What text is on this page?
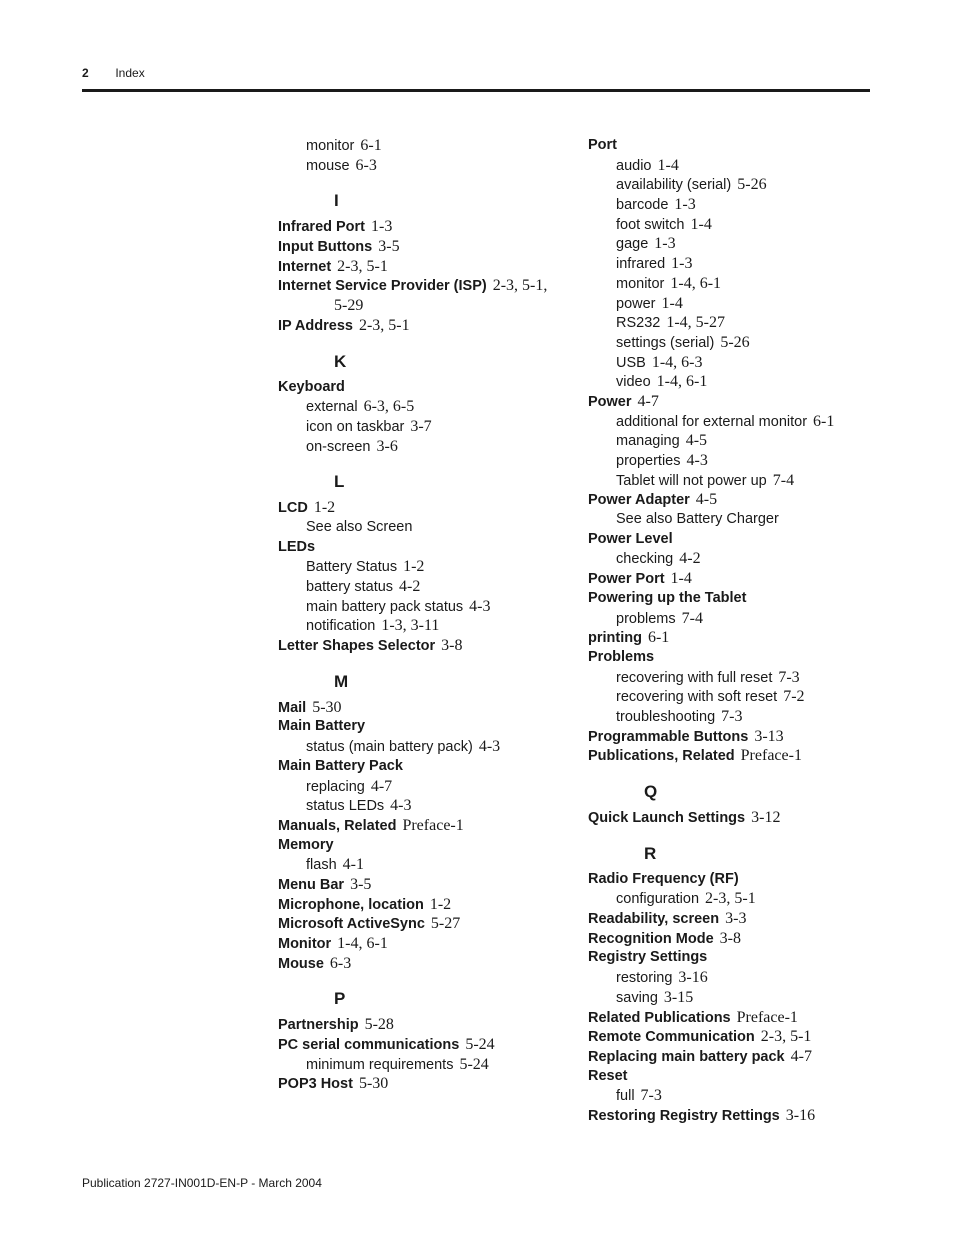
2 Index
monitor 6-1
mouse 6-3
I
Infrared Port 1-3
Input Buttons 3-5
Internet 2-3, 5-1
Internet Service Provider (ISP) 2-3, 5-1,
5-29
IP Address 2-3, 5-1
K
Keyboard
external 6-3, 6-5
icon on taskbar 3-7
on-screen 3-6
L
LCD 1-2
See also Screen
LEDs
Battery Status 1-2
battery status 4-2
main battery pack status 4-3
notification 1-3, 3-11
Letter Shapes Selector 3-8
M
Mail 5-30
Main Battery
status (main battery pack) 4-3
Main Battery Pack
replacing 4-7
status LEDs 4-3
Manuals, Related Preface-1
Memory
flash 4-1
Menu Bar 3-5
Microphone, location 1-2
Microsoft ActiveSync 5-27
Monitor 1-4, 6-1
Mouse 6-3
P
Partnership 5-28
PC serial communications 5-24
minimum requirements 5-24
POP3 Host 5-30
Port
audio 1-4
availability (serial) 5-26
barcode 1-3
foot switch 1-4
gage 1-3
infrared 1-3
monitor 1-4, 6-1
power 1-4
RS232 1-4, 5-27
settings (serial) 5-26
USB 1-4, 6-3
video 1-4, 6-1
Power 4-7
additional for external monitor 6-1
managing 4-5
properties 4-3
Tablet will not power up 7-4
Power Adapter 4-5
See also Battery Charger
Power Level
checking 4-2
Power Port 1-4
Powering up the Tablet
problems 7-4
printing 6-1
Problems
recovering with full reset 7-3
recovering with soft reset 7-2
troubleshooting 7-3
Programmable Buttons 3-13
Publications, Related Preface-1
Q
Quick Launch Settings 3-12
R
Radio Frequency (RF)
configuration 2-3, 5-1
Readability, screen 3-3
Recognition Mode 3-8
Registry Settings
restoring 3-16
saving 3-15
Related Publications Preface-1
Remote Communication 2-3, 5-1
Replacing main battery pack 4-7
Reset
full 7-3
Restoring Registry Rettings 3-16
Publication 2727-IN001D-EN-P - March 2004
